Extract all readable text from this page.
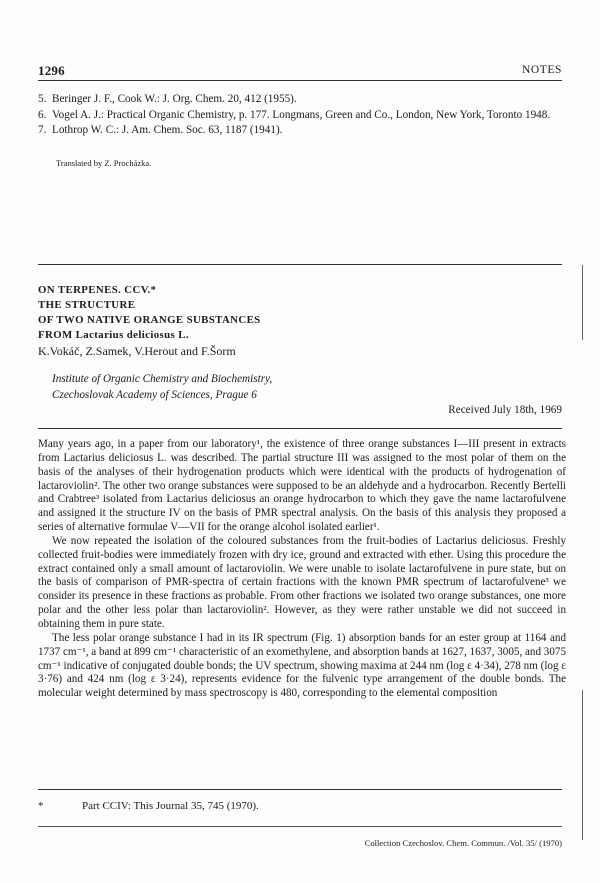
1296	NOTES
5. Beringer J. F., Cook W.: J. Org. Chem. 20, 412 (1955).
6. Vogel A. J.: Practical Organic Chemistry, p. 177. Longmans, Green and Co., London, New York, Toronto 1948.
7. Lothrop W. C.: J. Am. Chem. Soc. 63, 1187 (1941).
Translated by Z. Procházka.
ON TERPENES. CCV.*
THE STRUCTURE
OF TWO NATIVE ORANGE SUBSTANCES
FROM Lactarius deliciosus L.
K.Vokáč, Z.Samek, V.Herout and F.Šorm
Institute of Organic Chemistry and Biochemistry,
Czechoslovak Academy of Sciences, Prague 6
Received July 18th, 1969

Many years ago, in a paper from our laboratory¹, the existence of three orange substances I—III present in extracts from Lactarius deliciosus L. was described. The partial structure III was assigned to the most polar of them on the basis of the analyses of their hydrogenation products which were identical with the products of hydrogenation of lactaroviolin². The other two orange substances were supposed to be an aldehyde and a hydrocarbon. Recently Bertelli and Crabtree³ isolated from Lactarius deliciosus an orange hydrocarbon to which they gave the name lactarofulvene and assigned it the structure IV on the basis of PMR spectral analysis. On the basis of this analysis they proposed a series of alternative formulae V—VII for the orange alcohol isolated earlier¹.

We now repeated the isolation of the coloured substances from the fruit-bodies of Lactarius deliciosus. Freshly collected fruit-bodies were immediately frozen with dry ice, ground and extracted with ether. Using this procedure the extract contained only a small amount of lactaroviolin. We were unable to isolate lactarofulvene in pure state, but on the basis of comparison of PMR-spectra of certain fractions with the known PMR spectrum of lactarofulvene³ we consider its presence in these fractions as probable. From other fractions we isolated two orange substances, one more polar and the other less polar than lactaroviolin². However, as they were rather unstable we did not succeed in obtaining them in pure state.

The less polar orange substance I had in its IR spectrum (Fig. 1) absorption bands for an ester group at 1164 and 1737 cm⁻¹, a band at 899 cm⁻¹ characteristic of an exomethylene, and absorption bands at 1627, 1637, 3005, and 3075 cm⁻¹ indicative of conjugated double bonds; the UV spectrum, showing maxima at 244 nm (log ε 4·34), 278 nm (log ε 3·76) and 424 nm (log ε 3·24), represents evidence for the fulvenic type arrangement of the double bonds. The molecular weight determined by mass spectroscopy is 480, corresponding to the elemental composition

*	Part CCIV: This Journal 35, 745 (1970).
Collection Czechoslov. Chem. Commun. /Vol. 35/ (1970)
